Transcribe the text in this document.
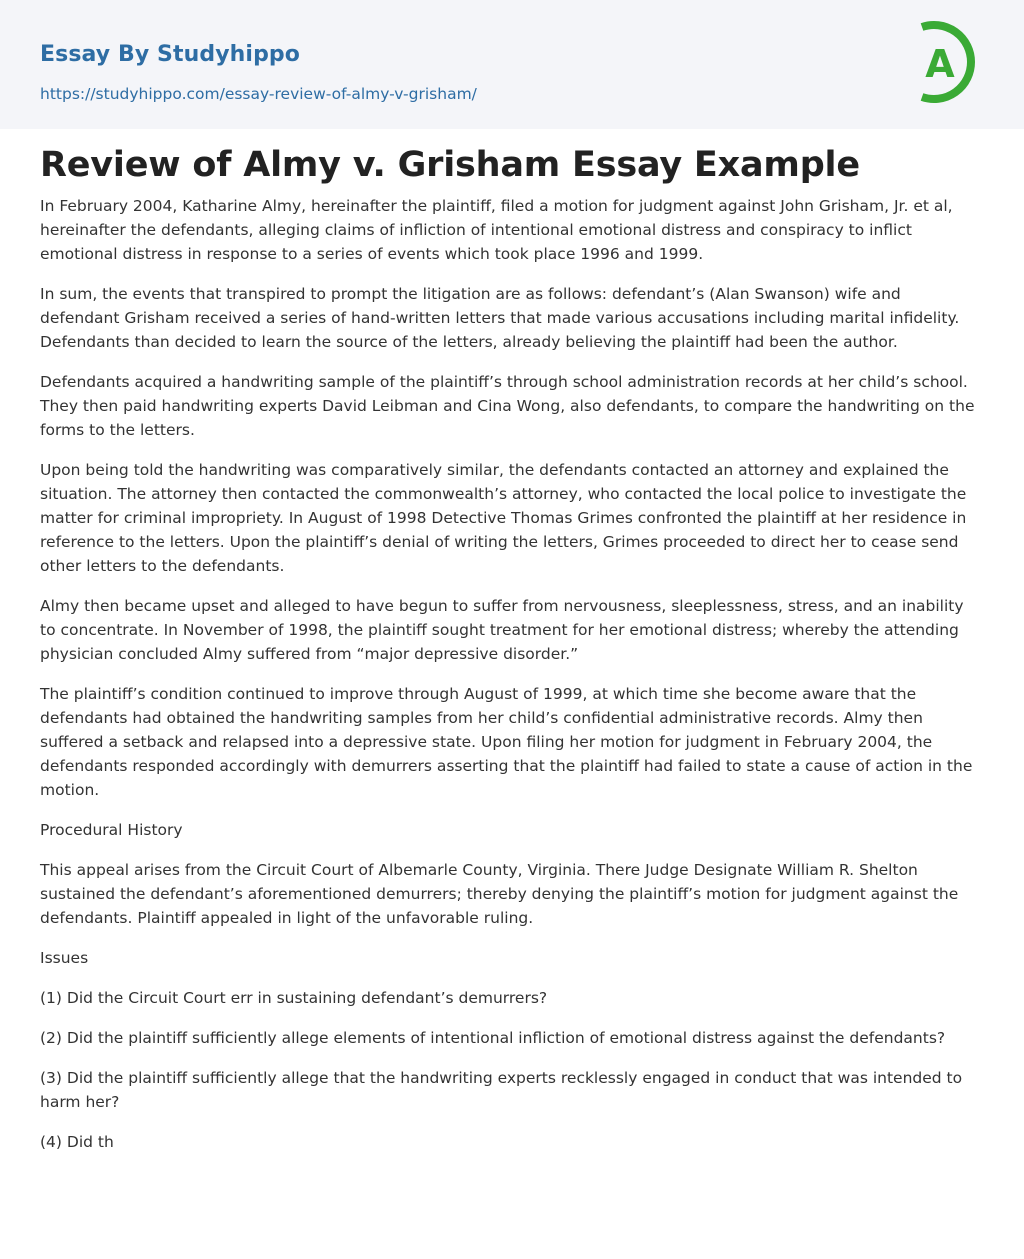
Essay By Studyhippo
https://studyhippo.com/essay-review-of-almy-v-grisham/
A
Review of Almy v. Grisham Essay Example

In February 2004, Katharine Almy, hereinafter the plaintiff, filed a motion for judgment against John Grisham, Jr. et al, hereinafter the defendants, alleging claims of infliction of intentional emotional distress and conspiracy to inflict emotional distress in response to a series of events which took place 1996 and 1999.

In sum, the events that transpired to prompt the litigation are as follows: defendant’s (Alan Swanson) wife and defendant Grisham received a series of hand-written letters that made various accusations including marital infidelity. Defendants than decided to learn the source of the letters, already believing the plaintiff had been the author.

Defendants acquired a handwriting sample of the plaintiff’s through school administration records at her child’s school. They then paid handwriting experts David Leibman and Cina Wong, also defendants, to compare the handwriting on the forms to the letters.

Upon being told the handwriting was comparatively similar, the defendants contacted an attorney and explained the situation. The attorney then contacted the commonwealth’s attorney, who contacted the local police to investigate the matter for criminal impropriety. In August of 1998 Detective Thomas Grimes confronted the plaintiff at her residence in reference to the letters. Upon the plaintiff’s denial of writing the letters, Grimes proceeded to direct her to cease send other letters to the defendants.

Almy then became upset and alleged to have begun to suffer from nervousness, sleeplessness, stress, and an inability to concentrate. In November of 1998, the plaintiff sought treatment for her emotional distress; whereby the attending physician concluded Almy suffered from “major depressive disorder.”

The plaintiff’s condition continued to improve through August of 1999, at which time she become aware that the defendants had obtained the handwriting samples from her child’s confidential administrative records. Almy then suffered a setback and relapsed into a depressive state. Upon filing her motion for judgment in February 2004, the defendants responded accordingly with demurrers asserting that the plaintiff had failed to state a cause of action in the motion.

Procedural History

This appeal arises from the Circuit Court of Albemarle County, Virginia. There Judge Designate William R. Shelton sustained the defendant’s aforementioned demurrers; thereby denying the plaintiff’s motion for judgment against the defendants. Plaintiff appealed in light of the unfavorable ruling.

Issues

(1) Did the Circuit Court err in sustaining defendant’s demurrers?

(2) Did the plaintiff sufficiently allege elements of intentional infliction of emotional distress against the defendants?

(3) Did the plaintiff sufficiently allege that the handwriting experts recklessly engaged in conduct that was intended to harm her?

(4) Did th
